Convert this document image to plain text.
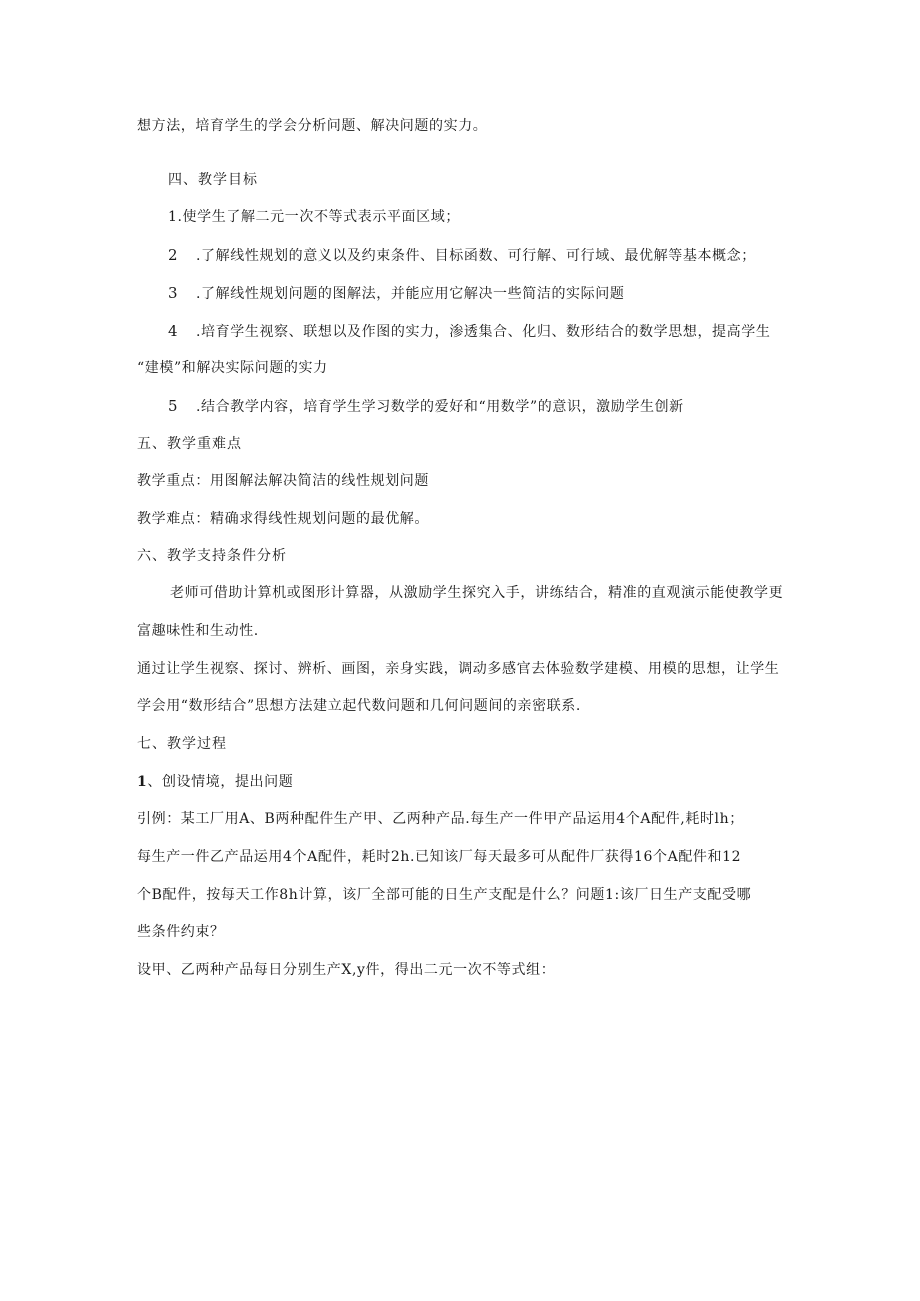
想方法，培育学生的学会分析问题、解决问题的实力。
四、教学目标
1.使学生了解二元一次不等式表示平面区域；
2 .了解线性规划的意义以及约束条件、目标函数、可行解、可行域、最优解等基本概念；
3 .了解线性规划问题的图解法，并能应用它解决一些简洁的实际问题
4 .培育学生视察、联想以及作图的实力，渗透集合、化归、数形结合的数学思想，提高学生
“建模”和解决实际问题的实力
5 .结合教学内容，培育学生学习数学的爱好和“用数学”的意识，激励学生创新
五、教学重难点
教学重点：用图解法解决简洁的线性规划问题
教学难点：精确求得线性规划问题的最优解。
六、教学支持条件分析
老师可借助计算机或图形计算器，从激励学生探究入手，讲练结合，精准的直观演示能使教学更
富趣味性和生动性.
通过让学生视察、探讨、辨析、画图，亲身实践，调动多感官去体验数学建模、用模的思想，让学生
学会用“数形结合”思想方法建立起代数问题和几何问题间的亲密联系.
七、教学过程
1、创设情境，提出问题
引例：某工厂用A、B两种配件生产甲、乙两种产品.每生产一件甲产品运用4个A配件,耗时lh；
每生产一件乙产品运用4个A配件，耗时2h.已知该厂每天最多可从配件厂获得16个A配件和12
个B配件，按每天工作8h计算，该厂全部可能的日生产支配是什么？问题1:该厂日生产支配受哪
些条件约束？
设甲、乙两种产品每日分别生产X,y件，得出二元一次不等式组：
